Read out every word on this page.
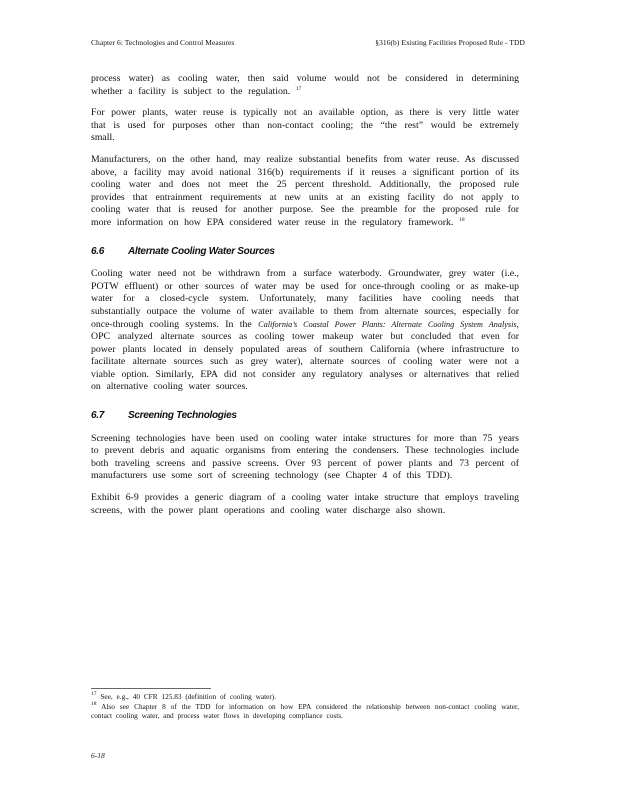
Chapter 6: Technologies and Control Measures	§316(b) Existing Facilities Proposed Rule - TDD

process water) as cooling water, then said volume would not be considered in determining whether a facility is subject to the regulation. $^{17}$

For power plants, water reuse is typically not an available option, as there is very little water that is used for purposes other than non-contact cooling; the “the rest” would be extremely small.

Manufacturers, on the other hand, may realize substantial benefits from water reuse. As discussed above, a facility may avoid national 316(b) requirements if it reuses a significant portion of its cooling water and does not meet the 25 percent threshold. Additionally, the proposed rule provides that entrainment requirements at new units at an existing facility do not apply to cooling water that is reused for another purpose. See the preamble for the proposed rule for more information on how EPA considered water reuse in the regulatory framework. $^{18}$

6.6 Alternate Cooling Water Sources

Cooling water need not be withdrawn from a surface waterbody. Groundwater, grey water (i.e., POTW effluent) or other sources of water may be used for once-through cooling or as make-up water for a closed-cycle system. Unfortunately, many facilities have cooling needs that substantially outpace the volume of water available to them from alternate sources, especially for once-through cooling systems. In the California’s Coastal Power Plants: Alternate Cooling System Analysis, OPC analyzed alternate sources as cooling tower makeup water but concluded that even for power plants located in densely populated areas of southern California (where infrastructure to facilitate alternate sources such as grey water), alternate sources of cooling water were not a viable option. Similarly, EPA did not consider any regulatory analyses or alternatives that relied on alternative cooling water sources.

6.7 Screening Technologies

Screening technologies have been used on cooling water intake structures for more than 75 years to prevent debris and aquatic organisms from entering the condensers. These technologies include both traveling screens and passive screens. Over 93 percent of power plants and 73 percent of manufacturers use some sort of screening technology (see Chapter 4 of this TDD).

Exhibit 6-9 provides a generic diagram of a cooling water intake structure that employs traveling screens, with the power plant operations and cooling water discharge also shown.

$^{17}$ See, e.g., 40 CFR 125.83 (definition of cooling water).

$^{18}$ Also see Chapter 8 of the TDD for information on how EPA considered the relationship between non-contact cooling water, contact cooling water, and process water flows in developing compliance costs.

6-18
